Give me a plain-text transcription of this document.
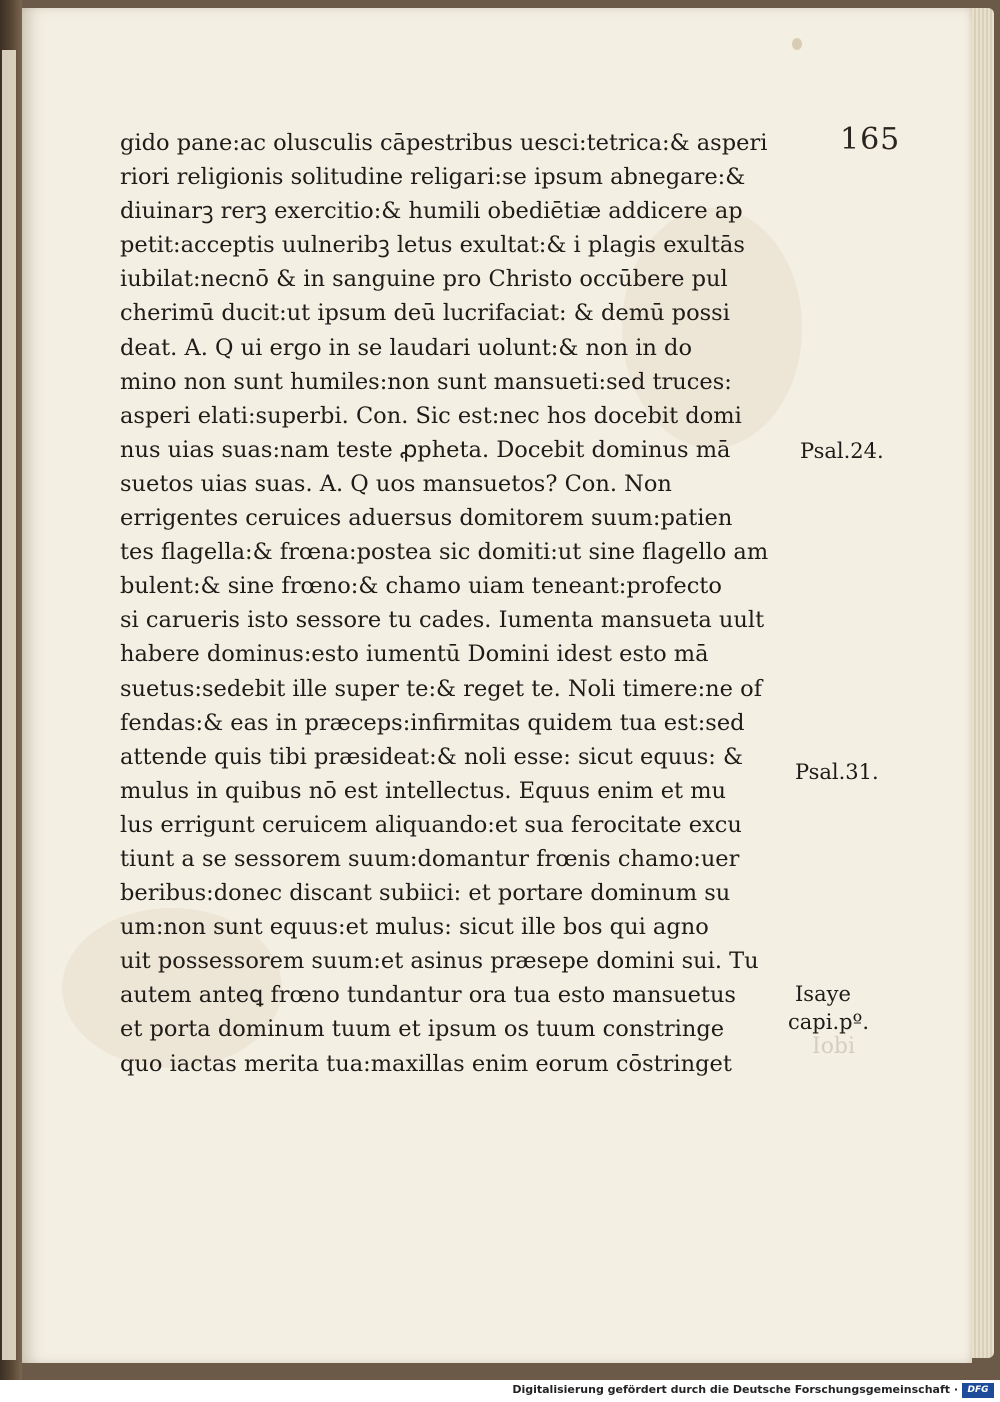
Iobi
165
gido pane:ac olusculis cāpestribus uesci:tetrica:& asperi
riori religionis solitudine religari:se ipsum abnegare:&
diuinarꝫ rerꝫ exercitio:& humili obediētiæ addicere ap
petit:acceptis uulneribꝫ letus exultat:& i plagis exultās
iubilat:necnō & in sanguine pro Christo occūbere pul
cherimū ducit:ut ipsum deū lucrifaciat: & demū possi
deat. A. Q ui ergo in se laudari uolunt:& non in do
mino non sunt humiles:non sunt mansueti:sed truces:
asperi elati:superbi. Con. Sic est:nec hos docebit domi
nus uias suas:nam teste ꝓpheta. Docebit dominus mā
suetos uias suas. A. Q uos mansuetos? Con. Non
errigentes ceruices aduersus domitorem suum:patien
tes flagella:& frœna:postea sic domiti:ut sine flagello am
bulent:& sine frœno:& chamo uiam teneant:profecto
si carueris isto sessore tu cades. Iumenta mansueta uult
habere dominus:esto iumentū Domini idest esto mā
suetus:sedebit ille super te:& reget te. Noli timere:ne of
fendas:& eas in præceps:infirmitas quidem tua est:sed
attende quis tibi præsideat:& noli esse: sicut equus: &
mulus in quibus nō est intellectus. Equus enim et mu
lus errigunt ceruicem aliquando:et sua ferocitate excu
tiunt a se sessorem suum:domantur frœnis chamo:uer
beribus:donec discant subiici: et portare dominum su
um:non sunt equus:et mulus: sicut ille bos qui agno
uit possessorem suum:et asinus præsepe domini sui. Tu
autem anteꝗ frœno tundantur ora tua esto mansuetus
et porta dominum tuum et ipsum os tuum constringe
quo iactas merita tua:maxillas enim eorum cōstringet
Psal.24.
Psal.31.
Isaye
capi.pº.
Digitalisierung gefördert durch die Deutsche Forschungsgemeinschaft ·	DFG
